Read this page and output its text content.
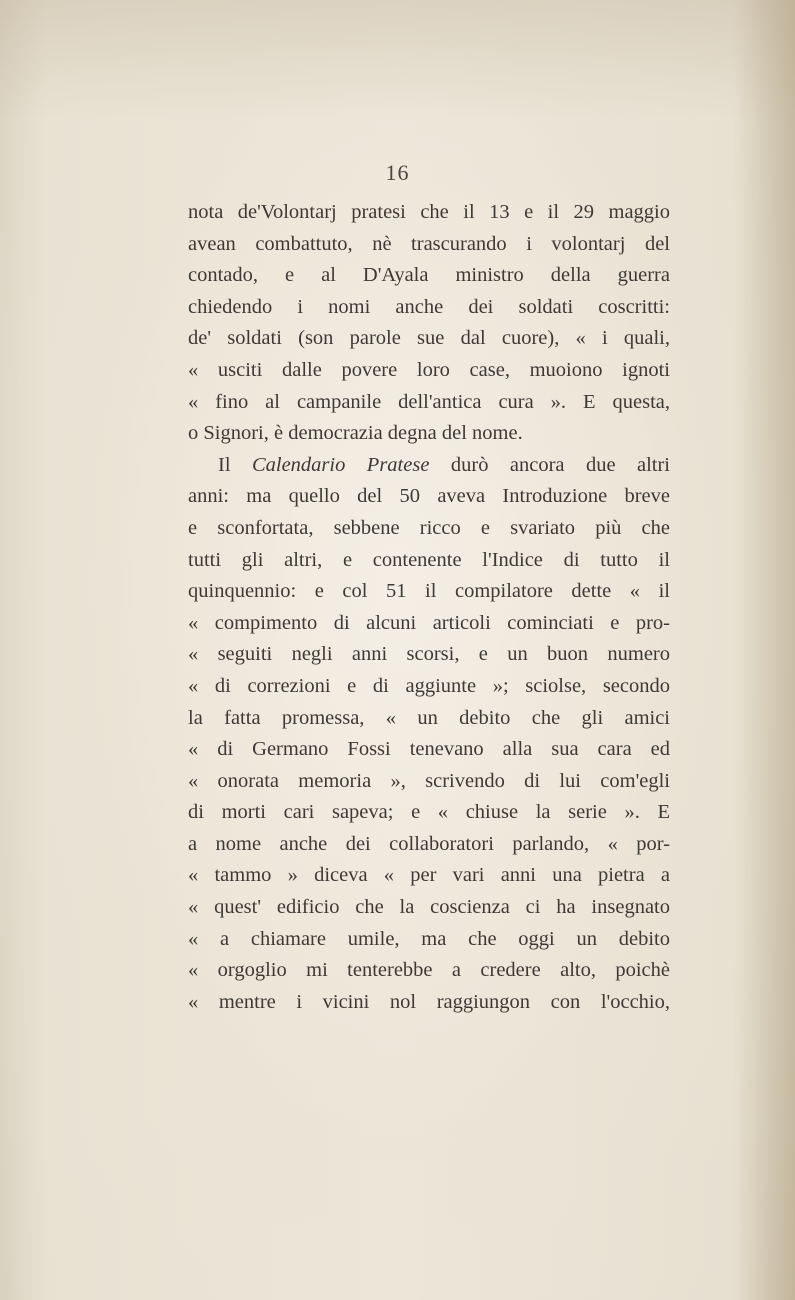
16
nota de'Volontarj pratesi che il 13 e il 29 maggio
avean combattuto, nè trascurando i volontarj del
contado, e al D'Ayala ministro della guerra
chiedendo i nomi anche dei soldati coscritti:
de' soldati (son parole sue dal cuore), « i quali,
« usciti dalle povere loro case, muoiono ignoti
« fino al campanile dell'antica cura ». E questa,
o Signori, è democrazia degna del nome.
Il Calendario Pratese durò ancora due altri
anni: ma quello del 50 aveva Introduzione breve
e sconfortata, sebbene ricco e svariato più che
tutti gli altri, e contenente l'Indice di tutto il
quinquennio: e col 51 il compilatore dette « il
« compimento di alcuni articoli cominciati e pro-
« seguiti negli anni scorsi, e un buon numero
« di correzioni e di aggiunte »; sciolse, secondo
la fatta promessa, « un debito che gli amici
« di Germano Fossi tenevano alla sua cara ed
« onorata memoria », scrivendo di lui com'egli
di morti cari sapeva; e « chiuse la serie ». E
a nome anche dei collaboratori parlando, « por-
« tammo » diceva « per vari anni una pietra a
« quest' edificio che la coscienza ci ha insegnato
« a chiamare umile, ma che oggi un debito
« orgoglio mi tenterebbe a credere alto, poichè
« mentre i vicini nol raggiungon con l'occhio,
